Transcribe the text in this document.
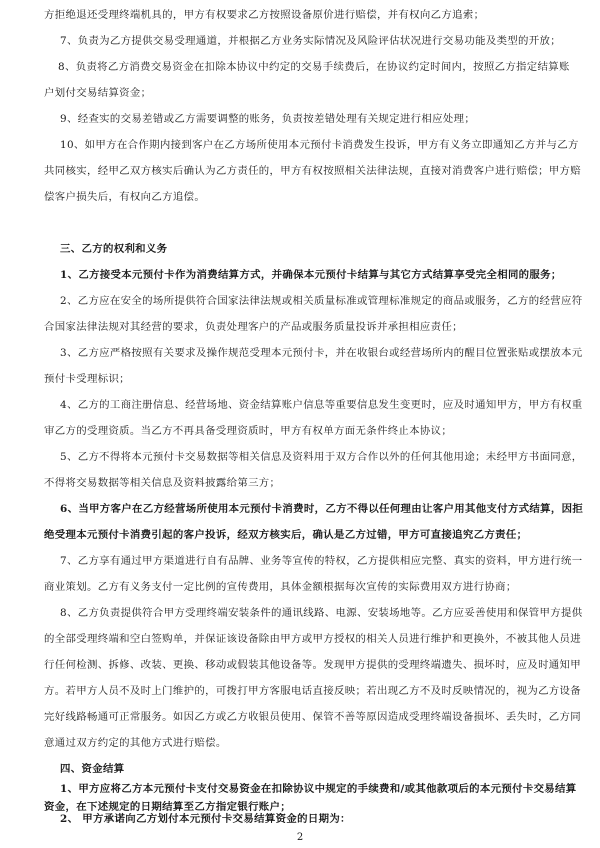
方拒绝退还受理终端机具的，甲方有权要求乙方按照设备原价进行赔偿，并有权向乙方追索；
7、负责为乙方提供交易受理通道，并根据乙方业务实际情况及风险评估状况进行交易功能及类型的开放；
8、负责将乙方消费交易资金在扣除本协议中约定的交易手续费后，在协议约定时间内，按照乙方指定结算账
户划付交易结算资金；
9、经查实的交易差错或乙方需要调整的账务，负责按差错处理有关规定进行相应处理；
10、如甲方在合作期内接到客户在乙方场所使用本元预付卡消费发生投诉，甲方有义务立即通知乙方并与乙方
共同核实，经甲乙双方核实后确认为乙方责任的，甲方有权按照相关法律法规，直接对消费客户进行赔偿；甲方赔
偿客户损失后，有权向乙方追偿。
三、乙方的权利和义务
1、乙方接受本元预付卡作为消费结算方式，并确保本元预付卡结算与其它方式结算享受完全相同的服务；
2、乙方应在安全的场所提供符合国家法律法规或相关质量标准或管理标准规定的商品或服务，乙方的经营应符
合国家法律法规对其经营的要求，负责处理客户的产品或服务质量投诉并承担相应责任；
3、乙方应严格按照有关要求及操作规范受理本元预付卡，并在收银台或经营场所内的醒目位置张贴或摆放本元
预付卡受理标识；
4、乙方的工商注册信息、经营场地、资金结算账户信息等重要信息发生变更时，应及时通知甲方，甲方有权重
审乙方的受理资质。当乙方不再具备受理资质时，甲方有权单方面无条件终止本协议；
5、乙方不得将本元预付卡交易数据等相关信息及资料用于双方合作以外的任何其他用途；未经甲方书面同意，
不得将交易数据等相关信息及资料披露给第三方；
6、当甲方客户在乙方经营场所使用本元预付卡消费时，乙方不得以任何理由让客户用其他支付方式结算，因拒
绝受理本元预付卡消费引起的客户投诉，经双方核实后，确认是乙方过错，甲方可直接追究乙方责任；
7、乙方享有通过甲方渠道进行自有品牌、业务等宣传的特权，乙方提供相应完整、真实的资料，甲方进行统一
商业策划。乙方有义务支付一定比例的宣传费用，具体金额根据每次宣传的实际费用双方进行协商；
8、乙方负责提供符合甲方受理终端安装条件的通讯线路、电源、安装场地等。乙方应妥善使用和保管甲方提供
的全部受理终端和空白签购单，并保证该设备除由甲方或甲方授权的相关人员进行维护和更换外，不被其他人员进
行任何检测、拆修、改装、更换、移动或假装其他设备等。发现甲方提供的受理终端遗失、损坏时，应及时通知甲
方。若甲方人员不及时上门维护的，可拨打甲方客服电话直接反映；若出现乙方不及时反映情况的，视为乙方设备
完好线路畅通可正常服务。如因乙方或乙方收银员使用、保管不善等原因造成受理终端设备损坏、丢失时，乙方同
意通过双方约定的其他方式进行赔偿。
四、资金结算
1、甲方应将乙方本元预付卡支付交易资金在扣除协议中规定的手续费和/或其他款项后的本元预付卡交易结算
资金，在下述规定的日期结算至乙方指定银行账户；
2、 甲方承诺向乙方划付本元预付卡交易结算资金的日期为：
2
